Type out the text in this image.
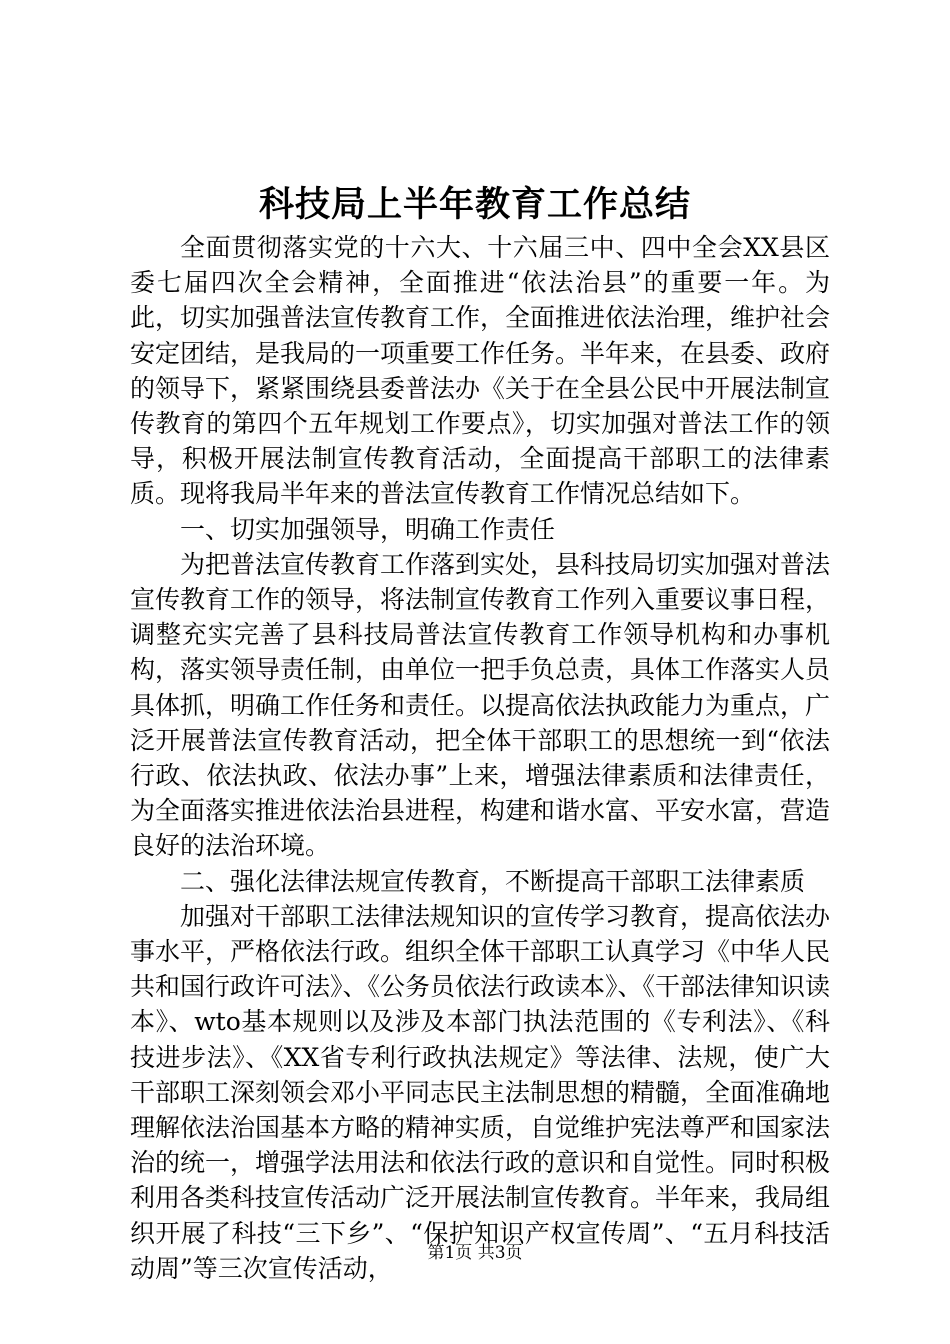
科技局上半年教育工作总结

全面贯彻落实党的十六大、十六届三中、四中全会XX县区委七届四次全会精神，全面推进“依法治县”的重要一年。为此，切实加强普法宣传教育工作，全面推进依法治理，维护社会安定团结，是我局的一项重要工作任务。半年来，在县委、政府的领导下，紧紧围绕县委普法办《关于在全县公民中开展法制宣传教育的第四个五年规划工作要点》，切实加强对普法工作的领导，积极开展法制宣传教育活动，全面提高干部职工的法律素质。现将我局半年来的普法宣传教育工作情况总结如下。

一、切实加强领导，明确工作责任

为把普法宣传教育工作落到实处，县科技局切实加强对普法宣传教育工作的领导，将法制宣传教育工作列入重要议事日程，调整充实完善了县科技局普法宣传教育工作领导机构和办事机构，落实领导责任制，由单位一把手负总责，具体工作落实人员具体抓，明确工作任务和责任。以提高依法执政能力为重点，广泛开展普法宣传教育活动，把全体干部职工的思想统一到“依法行政、依法执政、依法办事”上来，增强法律素质和法律责任，为全面落实推进依法治县进程，构建和谐水富、平安水富，营造良好的法治环境。

二、强化法律法规宣传教育，不断提高干部职工法律素质

加强对干部职工法律法规知识的宣传学习教育，提高依法办事水平，严格依法行政。组织全体干部职工认真学习《中华人民共和国行政许可法》、《公务员依法行政读本》、《干部法律知识读本》、wto基本规则以及涉及本部门执法范围的《专利法》、《科技进步法》、《XX省专利行政执法规定》等法律、法规，使广大干部职工深刻领会邓小平同志民主法制思想的精髓，全面准确地理解依法治国基本方略的精神实质，自觉维护宪法尊严和国家法治的统一，增强学法用法和依法行政的意识和自觉性。同时积极利用各类科技宣传活动广泛开展法制宣传教育。半年来，我局组织开展了科技“三下乡”、“保护知识产权宣传周”、“五月科技活动周”等三次宣传活动，

第1页 共3页
